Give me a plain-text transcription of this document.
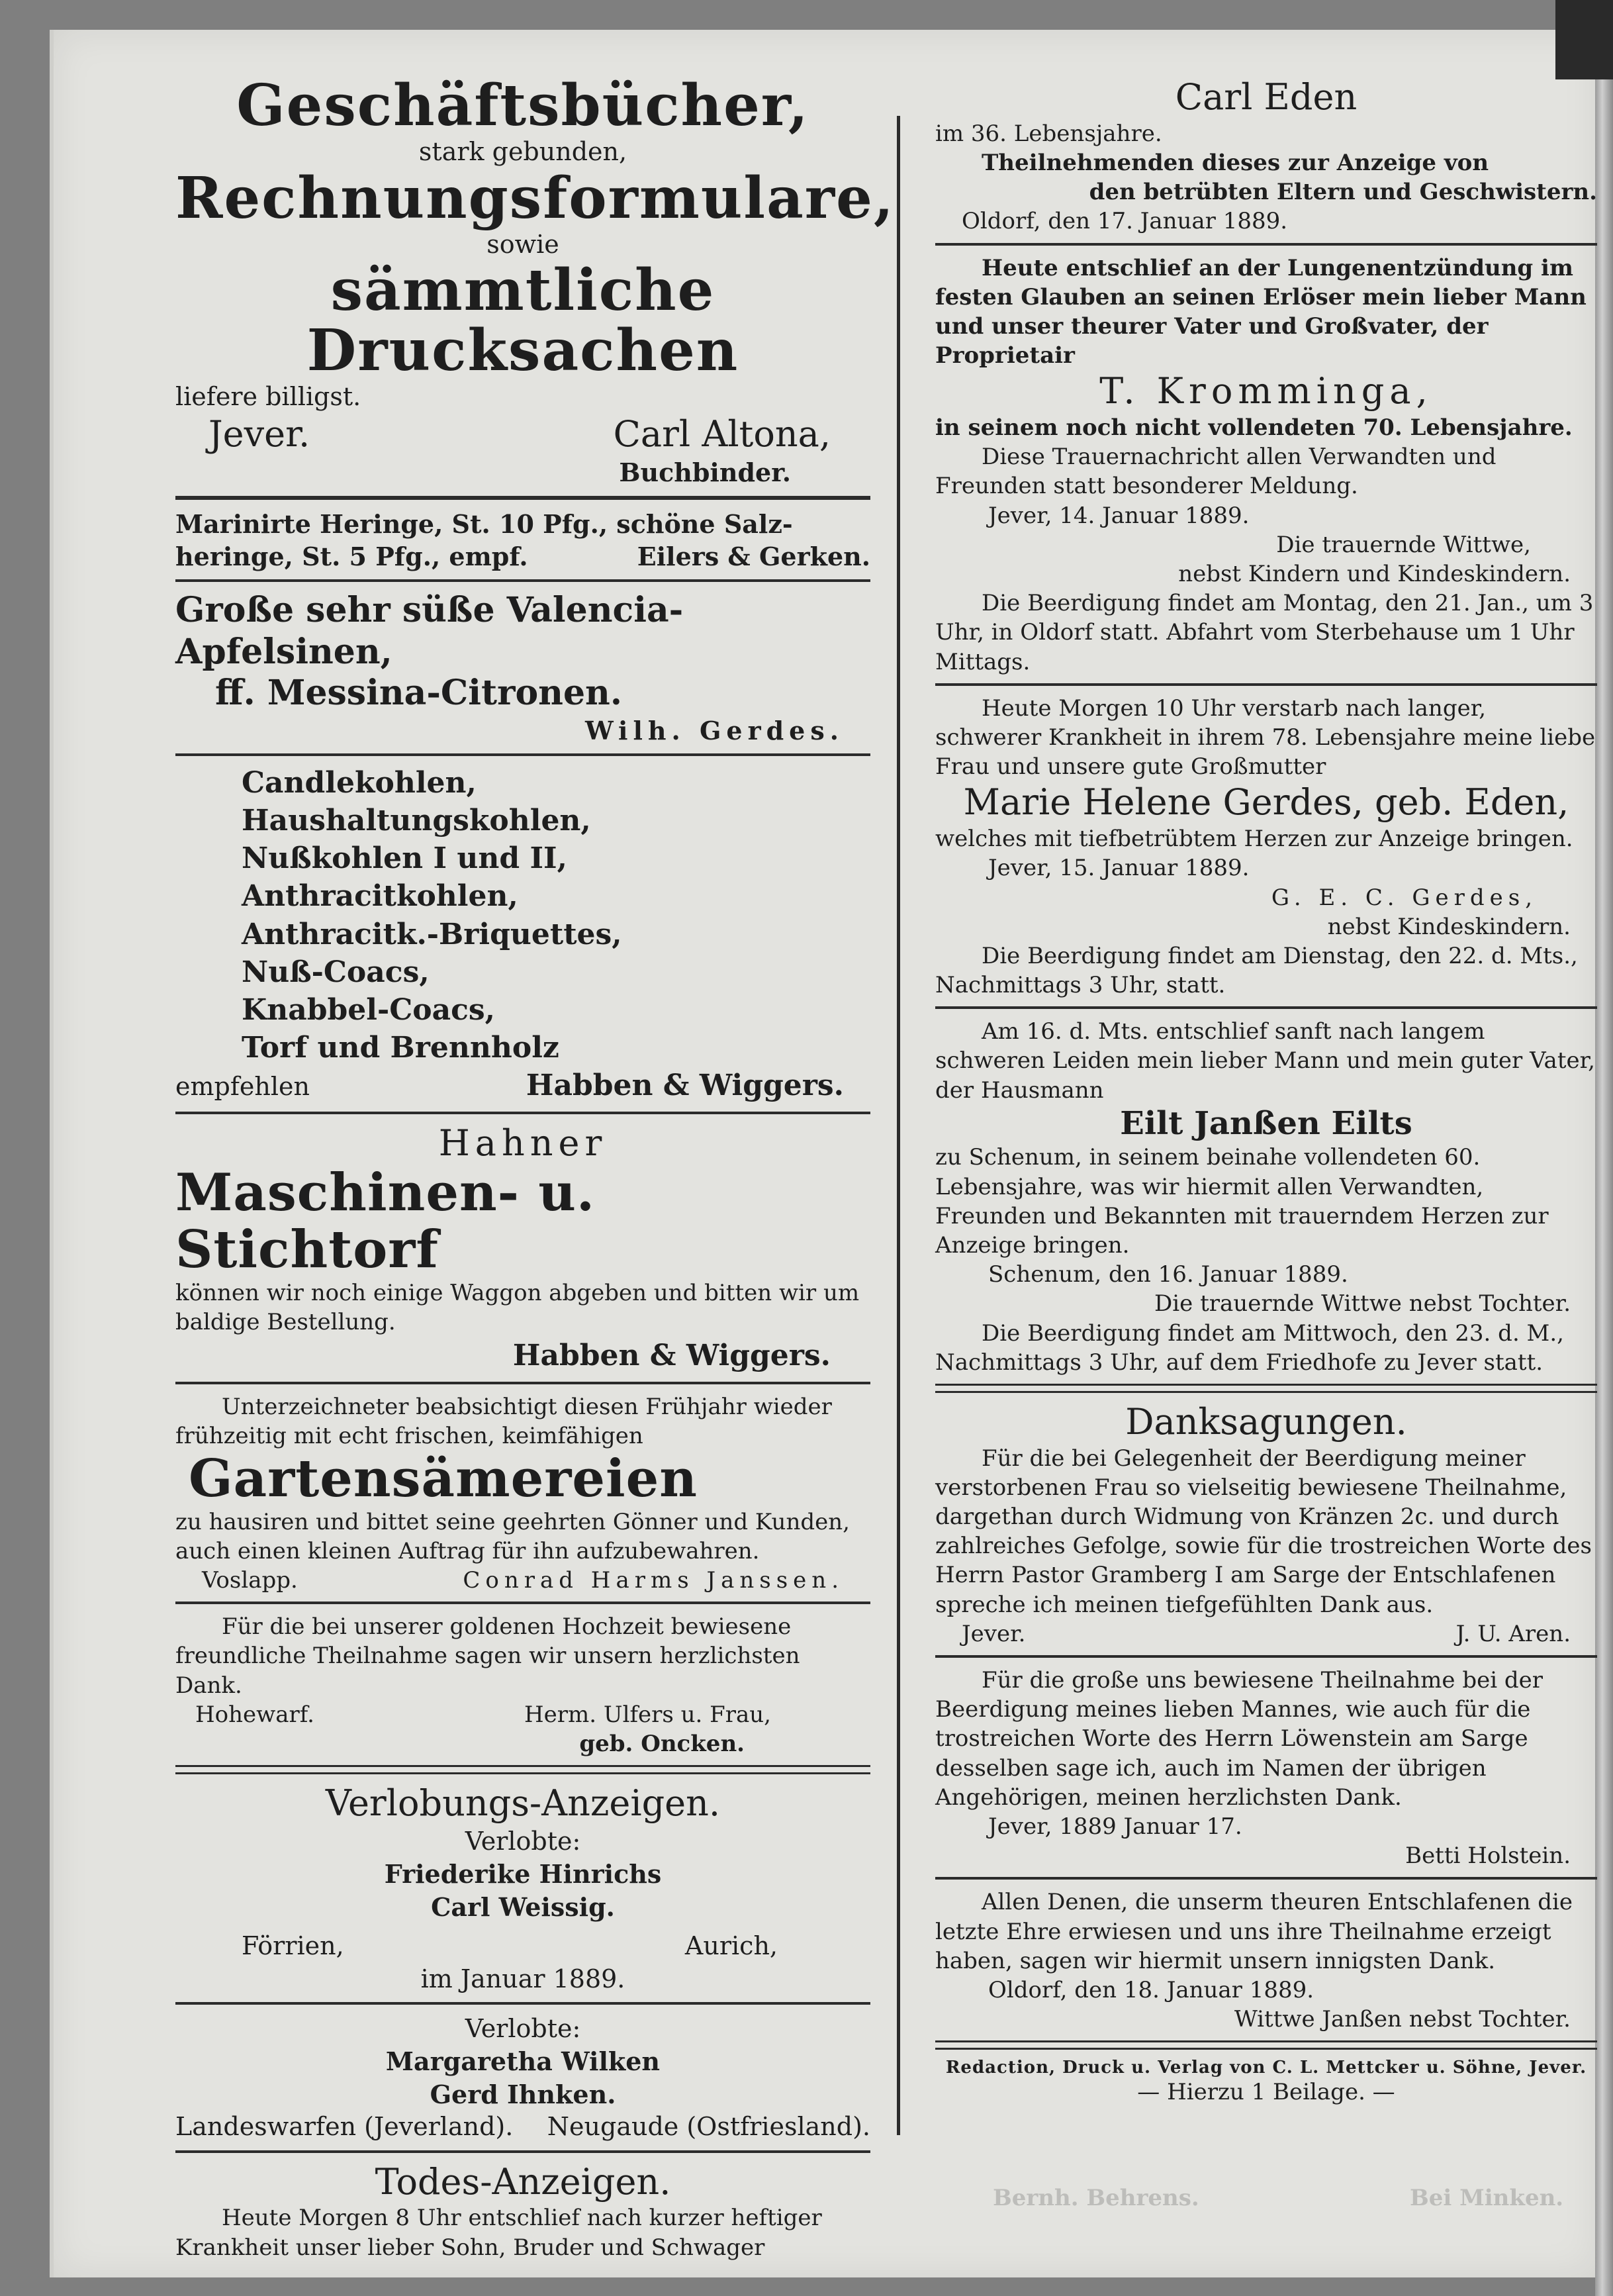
Bernh. Behrens.	Bei Minken.
Geschäftsbücher,
stark gebunden,
Rechnungsformulare,
sowie
sämmtliche Drucksachen
liefere billigst.
Jever.	Carl Altona,
Buchbinder.
Marinirte Heringe, St. 10 Pfg., schöne Salz-
heringe, St. 5 Pfg., empf.	Eilers & Gerken.
Große sehr süße Valencia-Apfelsinen,
ff. Messina-Citronen.
Wilh. Gerdes.
Candlekohlen,
Haushaltungskohlen,
Nußkohlen I und II,
Anthracitkohlen,
Anthracitk.-Briquettes,
Nuß-Coacs,
Knabbel-Coacs,
Torf und Brennholz
empfehlen	Habben & Wiggers.
Hahner
Maschinen- u. Stichtorf
können wir noch einige Waggon abgeben und bitten wir um baldige Bestellung.
Habben & Wiggers.
Unterzeichneter beabsichtigt diesen Frühjahr wieder frühzeitig mit echt frischen, keimfähigen
Gartensämereien
zu hausiren und bittet seine geehrten Gönner und Kunden, auch einen kleinen Auftrag für ihn aufzubewahren.
Voslapp.	Conrad Harms Janssen.
Für die bei unserer goldenen Hochzeit bewiesene freundliche Theilnahme sagen wir unsern herzlichsten Dank.
Hohewarf.	Herm. Ulfers u. Frau,
geb. Oncken.
Verlobungs-Anzeigen.
Verlobte:
Friederike Hinrichs
Carl Weissig.
Förrien,	Aurich,
im Januar 1889.
Verlobte:
Margaretha Wilken
Gerd Ihnken.
Landeswarfen (Jeverland). Neugaude (Ostfriesland).
Todes-Anzeigen.
Heute Morgen 8 Uhr entschlief nach kurzer heftiger Krankheit unser lieber Sohn, Bruder und Schwager
Carl Eden
im 36. Lebensjahre.
Theilnehmenden dieses zur Anzeige von
den betrübten Eltern und Geschwistern.
Oldorf, den 17. Januar 1889.
Heute entschlief an der Lungenentzündung im festen Glauben an seinen Erlöser mein lieber Mann und unser theurer Vater und Großvater, der Proprietair
T. Kromminga,
in seinem noch nicht vollendeten 70. Lebensjahre.
Diese Trauernachricht allen Verwandten und Freunden statt besonderer Meldung.
Jever, 14. Januar 1889.
Die trauernde Wittwe,
nebst Kindern und Kindeskindern.
Die Beerdigung findet am Montag, den 21. Jan., um 3 Uhr, in Oldorf statt. Abfahrt vom Sterbehause um 1 Uhr Mittags.
Heute Morgen 10 Uhr verstarb nach langer, schwerer Krankheit in ihrem 78. Lebensjahre meine liebe Frau und unsere gute Großmutter
Marie Helene Gerdes, geb. Eden,
welches mit tiefbetrübtem Herzen zur Anzeige bringen.
Jever, 15. Januar 1889.
G. E. C. Gerdes,
nebst Kindeskindern.
Die Beerdigung findet am Dienstag, den 22. d. Mts., Nachmittags 3 Uhr, statt.
Am 16. d. Mts. entschlief sanft nach langem schweren Leiden mein lieber Mann und mein guter Vater, der Hausmann
Eilt Janßen Eilts
zu Schenum, in seinem beinahe vollendeten 60. Lebensjahre, was wir hiermit allen Verwandten, Freunden und Bekannten mit trauerndem Herzen zur Anzeige bringen.
Schenum, den 16. Januar 1889.
Die trauernde Wittwe nebst Tochter.
Die Beerdigung findet am Mittwoch, den 23. d. M., Nachmittags 3 Uhr, auf dem Friedhofe zu Jever statt.
Danksagungen.
Für die bei Gelegenheit der Beerdigung meiner verstorbenen Frau so vielseitig bewiesene Theilnahme, dargethan durch Widmung von Kränzen 2c. und durch zahlreiches Gefolge, sowie für die trostreichen Worte des Herrn Pastor Gramberg I am Sarge der Entschlafenen spreche ich meinen tiefgefühlten Dank aus.
Jever.	J. U. Aren.
Für die große uns bewiesene Theilnahme bei der Beerdigung meines lieben Mannes, wie auch für die trostreichen Worte des Herrn Löwenstein am Sarge desselben sage ich, auch im Namen der übrigen Angehörigen, meinen herzlichsten Dank.
Jever, 1889 Januar 17.
Betti Holstein.
Allen Denen, die unserm theuren Entschlafenen die letzte Ehre erwiesen und uns ihre Theilnahme erzeigt haben, sagen wir hiermit unsern innigsten Dank.
Oldorf, den 18. Januar 1889.
Wittwe Janßen nebst Tochter.
Redaction, Druck u. Verlag von C. L. Mettcker u. Söhne, Jever.
— Hierzu 1 Beilage. —
